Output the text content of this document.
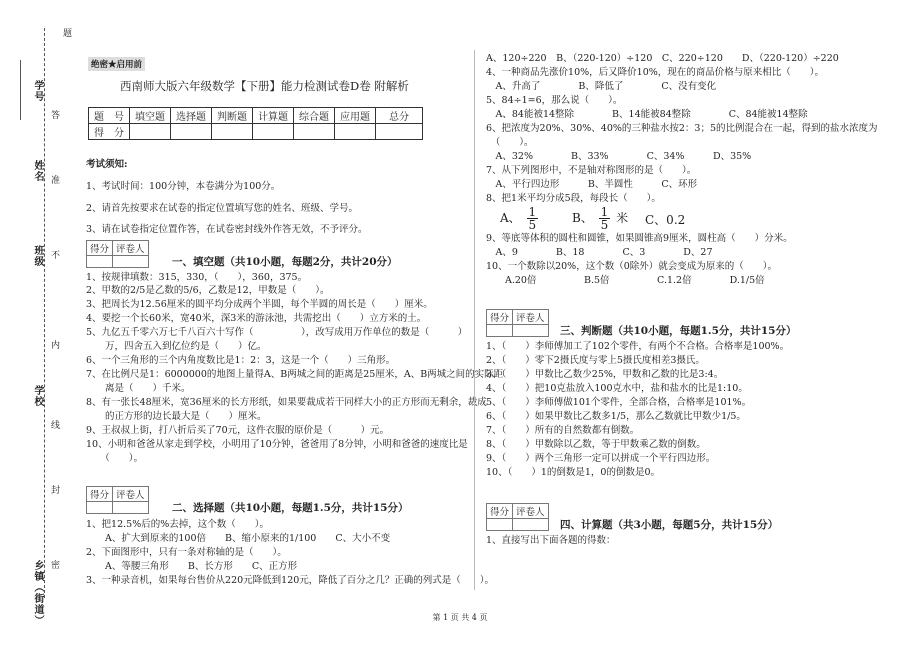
题
学号
答
姓名 准
班级 不
内
学校
线
封
乡镇（街道） 密
绝密★启用前
西南师大版六年级数学【下册】能力检测试卷D卷 附解析
题　号	填空题	选择题	判断题	计算题	综合题	应用题	总分
得　分							
考试须知:
1、考试时间：100分钟，本卷满分为100分。
2、请首先按要求在试卷的指定位置填写您的姓名、班级、学号。
3、请在试卷指定位置作答，在试卷密封线外作答无效，不予评分。
得分	评卷人

一、填空题（共10小题，每题2分，共计20分）
1、按规律填数：315，330，（　　），360，375。
2、甲数的2/5是乙数的5/6，乙数是12，甲数是（　　）。
3、把周长为12.56厘米的圆平均分成两个半圆，每个半圆的周长是（　　）厘米。
4、要挖一个长60米，宽40米，深3米的游泳池，共需挖出（　　）立方米的土。
5、九亿五千零六万七千八百六十写作（　　　　　），改写成用万作单位的数是（　　　）
　　万，四舍五入到亿位约是（　　）亿。
6、一个三角形的三个内角度数比是1：2：3，这是一个（　　）三角形。
7、在比例尺是1：6000000的地图上量得A、B两城之间的距离是25厘米，A、B两城之间的实际距
　　离是（　　）千米。
8、有一张长48厘米，宽36厘米的长方形纸，如果要裁成若干同样大小的正方形而无剩余，裁成
　　的正方形的边长最大是（　　）厘米。
9、王叔叔上街，打八折后买了70元，这件衣服的原价是（　　　）元。
10、小明和爸爸从家走到学校，小明用了10分钟，爸爸用了8分钟，小明和爸爸的速度比是
　　（　　）。
得分	评卷人

二、选择题（共10小题，每题1.5分，共计15分）
1、把12.5%后的%去掉，这个数（　　）。
　　A、扩大到原来的100倍　　B、缩小原来的1/100　　C、大小不变
2、下面图形中，只有一条对称轴的是（　　）。
　　A、等腰三角形　　B、长方形　　C、正方形
3、一种录音机，如果每台售价从220元降低到120元，降低了百分之几？正确的列式是（　　）。
A、120÷220　B、（220-120）÷120　C、220÷120　　D、（220-120）÷220
4、一种商品先涨价10%，后又降价10%，现在的商品价格与原来相比（　　）。
　A、升高了　　　　B、降低了　　　　C、没有变化
5、84÷1=6，那么说（　　）。
　A、84能被14整除　　　　B、14能被84整除　　　　C、84能被14整除
6、把浓度为20%、30%、40%的三种盐水按2：3；5的比例混合在一起，得到的盐水浓度为
　（　　）。
　A、32%　　　　B、33%　　　　C、34%　　　D、35%
7、从下列图形中，不是轴对称图形的是（　　）。
　A、平行四边形　　　B、半圆性　　　C、环形
8、把1米平均分成5段，每段长（　　）。
A、 $\frac{1}{5}$	B、 $\frac{1}{5}$ 米 C、0.2
9、等底等体积的圆柱和圆锥，如果圆锥高9厘米，圆柱高（　　）分米。
　A、9　　　　B、18　　　　C、3　　　　D、27
10、一个数除以20%，这个数（0除外）就会变成为原来的（　　）。
　　A.20倍　　　　　B.5倍　　　　　C.1.2倍　　　　D.1/5倍
得分	评卷人

三、判断题（共10小题，每题1.5分，共计15分）
1、（　　）李师傅加工了102个零件，有两个不合格。合格率是100%。
2、（　　）零下2摄氏度与零上5摄氏度相差3摄氏。
3、（　　）甲数比乙数少25%，甲数和乙数的比是3:4。
4、（　　）把10克盐放入100克水中，盐和盐水的比是1:10。
5、（　　）李师傅做101个零件，全部合格，合格率是101%。
6、（　　）如果甲数比乙数多1/5，那么乙数就比甲数少1/5。
7、（　　）所有的自然数都有倒数。
8、（　　）甲数除以乙数，等于甲数乘乙数的倒数。
9、（　　）两个三角形一定可以拼成一个平行四边形。
10、（　　）1的倒数是1，0的倒数是0。
得分	评卷人

四、计算题（共3小题，每题5分，共计15分）
1、直接写出下面各题的得数：
第 1 页 共 4 页
